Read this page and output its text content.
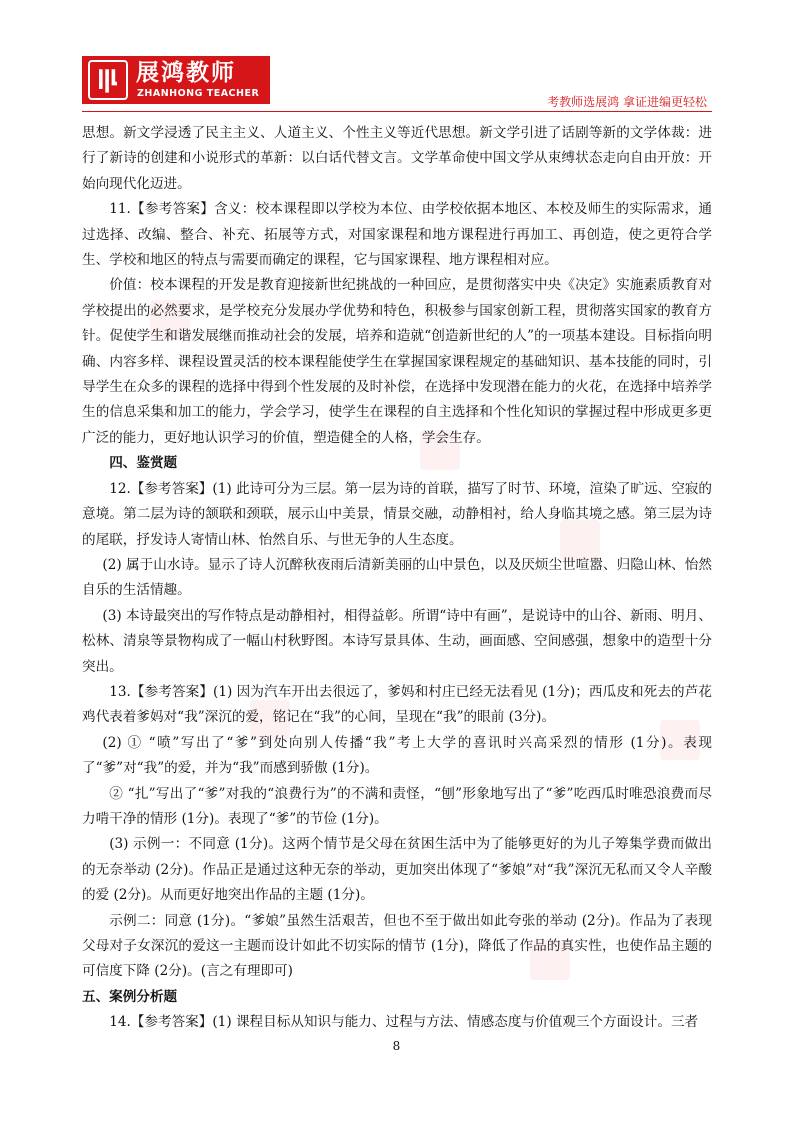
展鸿教师
ZHANHONG TEACHER
考教师选展鸿 拿证进编更轻松

思想。新文学浸透了民主主义、人道主义、个性主义等近代思想。新文学引进了话剧等新的文学体裁：进行了新诗的创建和小说形式的革新：以白话代替文言。文学革命使中国文学从束缚状态走向自由开放：开始向现代化迈进。

11.【参考答案】含义：校本课程即以学校为本位、由学校依据本地区、本校及师生的实际需求，通过选择、改编、整合、补充、拓展等方式，对国家课程和地方课程进行再加工、再创造，使之更符合学生、学校和地区的特点与需要而确定的课程，它与国家课程、地方课程相对应。

价值：校本课程的开发是教育迎接新世纪挑战的一种回应，是贯彻落实中央《决定》实施素质教育对学校提出的必然要求，是学校充分发展办学优势和特色，积极参与国家创新工程，贯彻落实国家的教育方针。促使学生和谐发展继而推动社会的发展，培养和造就“创造新世纪的人”的一项基本建设。目标指向明确、内容多样、课程设置灵活的校本课程能使学生在掌握国家课程规定的基础知识、基本技能的同时，引导学生在众多的课程的选择中得到个性发展的及时补偿，在选择中发现潜在能力的火花，在选择中培养学生的信息采集和加工的能力，学会学习，使学生在课程的自主选择和个性化知识的掌握过程中形成更多更广泛的能力，更好地认识学习的价值，塑造健全的人格，学会生存。

四、鉴赏题

12.【参考答案】(1) 此诗可分为三层。第一层为诗的首联，描写了时节、环境，渲染了旷远、空寂的意境。第二层为诗的颔联和颈联，展示山中美景，情景交融，动静相衬，给人身临其境之感。第三层为诗的尾联，抒发诗人寄情山林、怡然自乐、与世无争的人生态度。

(2) 属于山水诗。显示了诗人沉醉秋夜雨后清新美丽的山中景色，以及厌烦尘世喧嚣、归隐山林、怡然自乐的生活情趣。

(3) 本诗最突出的写作特点是动静相衬，相得益彰。所谓“诗中有画”，是说诗中的山谷、新雨、明月、松林、清泉等景物构成了一幅山村秋野图。本诗写景具体、生动，画面感、空间感强，想象中的造型十分突出。

13.【参考答案】(1) 因为汽车开出去很远了，爹妈和村庄已经无法看见 (1分)；西瓜皮和死去的芦花鸡代表着爹妈对“我”深沉的爱，铭记在“我”的心间，呈现在“我”的眼前 (3分)。

(2) ① “喷”写出了“爹”到处向别人传播“我”考上大学的喜讯时兴高采烈的情形 (1分)。表现了“爹”对“我”的爱，并为“我”而感到骄傲 (1分)。

② “扎”写出了“爹”对我的“浪费行为”的不满和责怪，“刨”形象地写出了“爹”吃西瓜时唯恐浪费而尽力啃干净的情形 (1分)。表现了“爹”的节俭 (1分)。

(3) 示例一：不同意 (1分)。这两个情节是父母在贫困生活中为了能够更好的为儿子筹集学费而做出的无奈举动 (2分)。作品正是通过这种无奈的举动，更加突出体现了“爹娘”对“我”深沉无私而又令人辛酸的爱 (2分)。从而更好地突出作品的主题 (1分)。

示例二：同意 (1分)。“爹娘”虽然生活艰苦，但也不至于做出如此夸张的举动 (2分)。作品为了表现父母对子女深沉的爱这一主题而设计如此不切实际的情节 (1分)，降低了作品的真实性，也使作品主题的可信度下降 (2分)。(言之有理即可)

五、案例分析题

14.【参考答案】(1) 课程目标从知识与能力、过程与方法、情感态度与价值观三个方面设计。三者

8
